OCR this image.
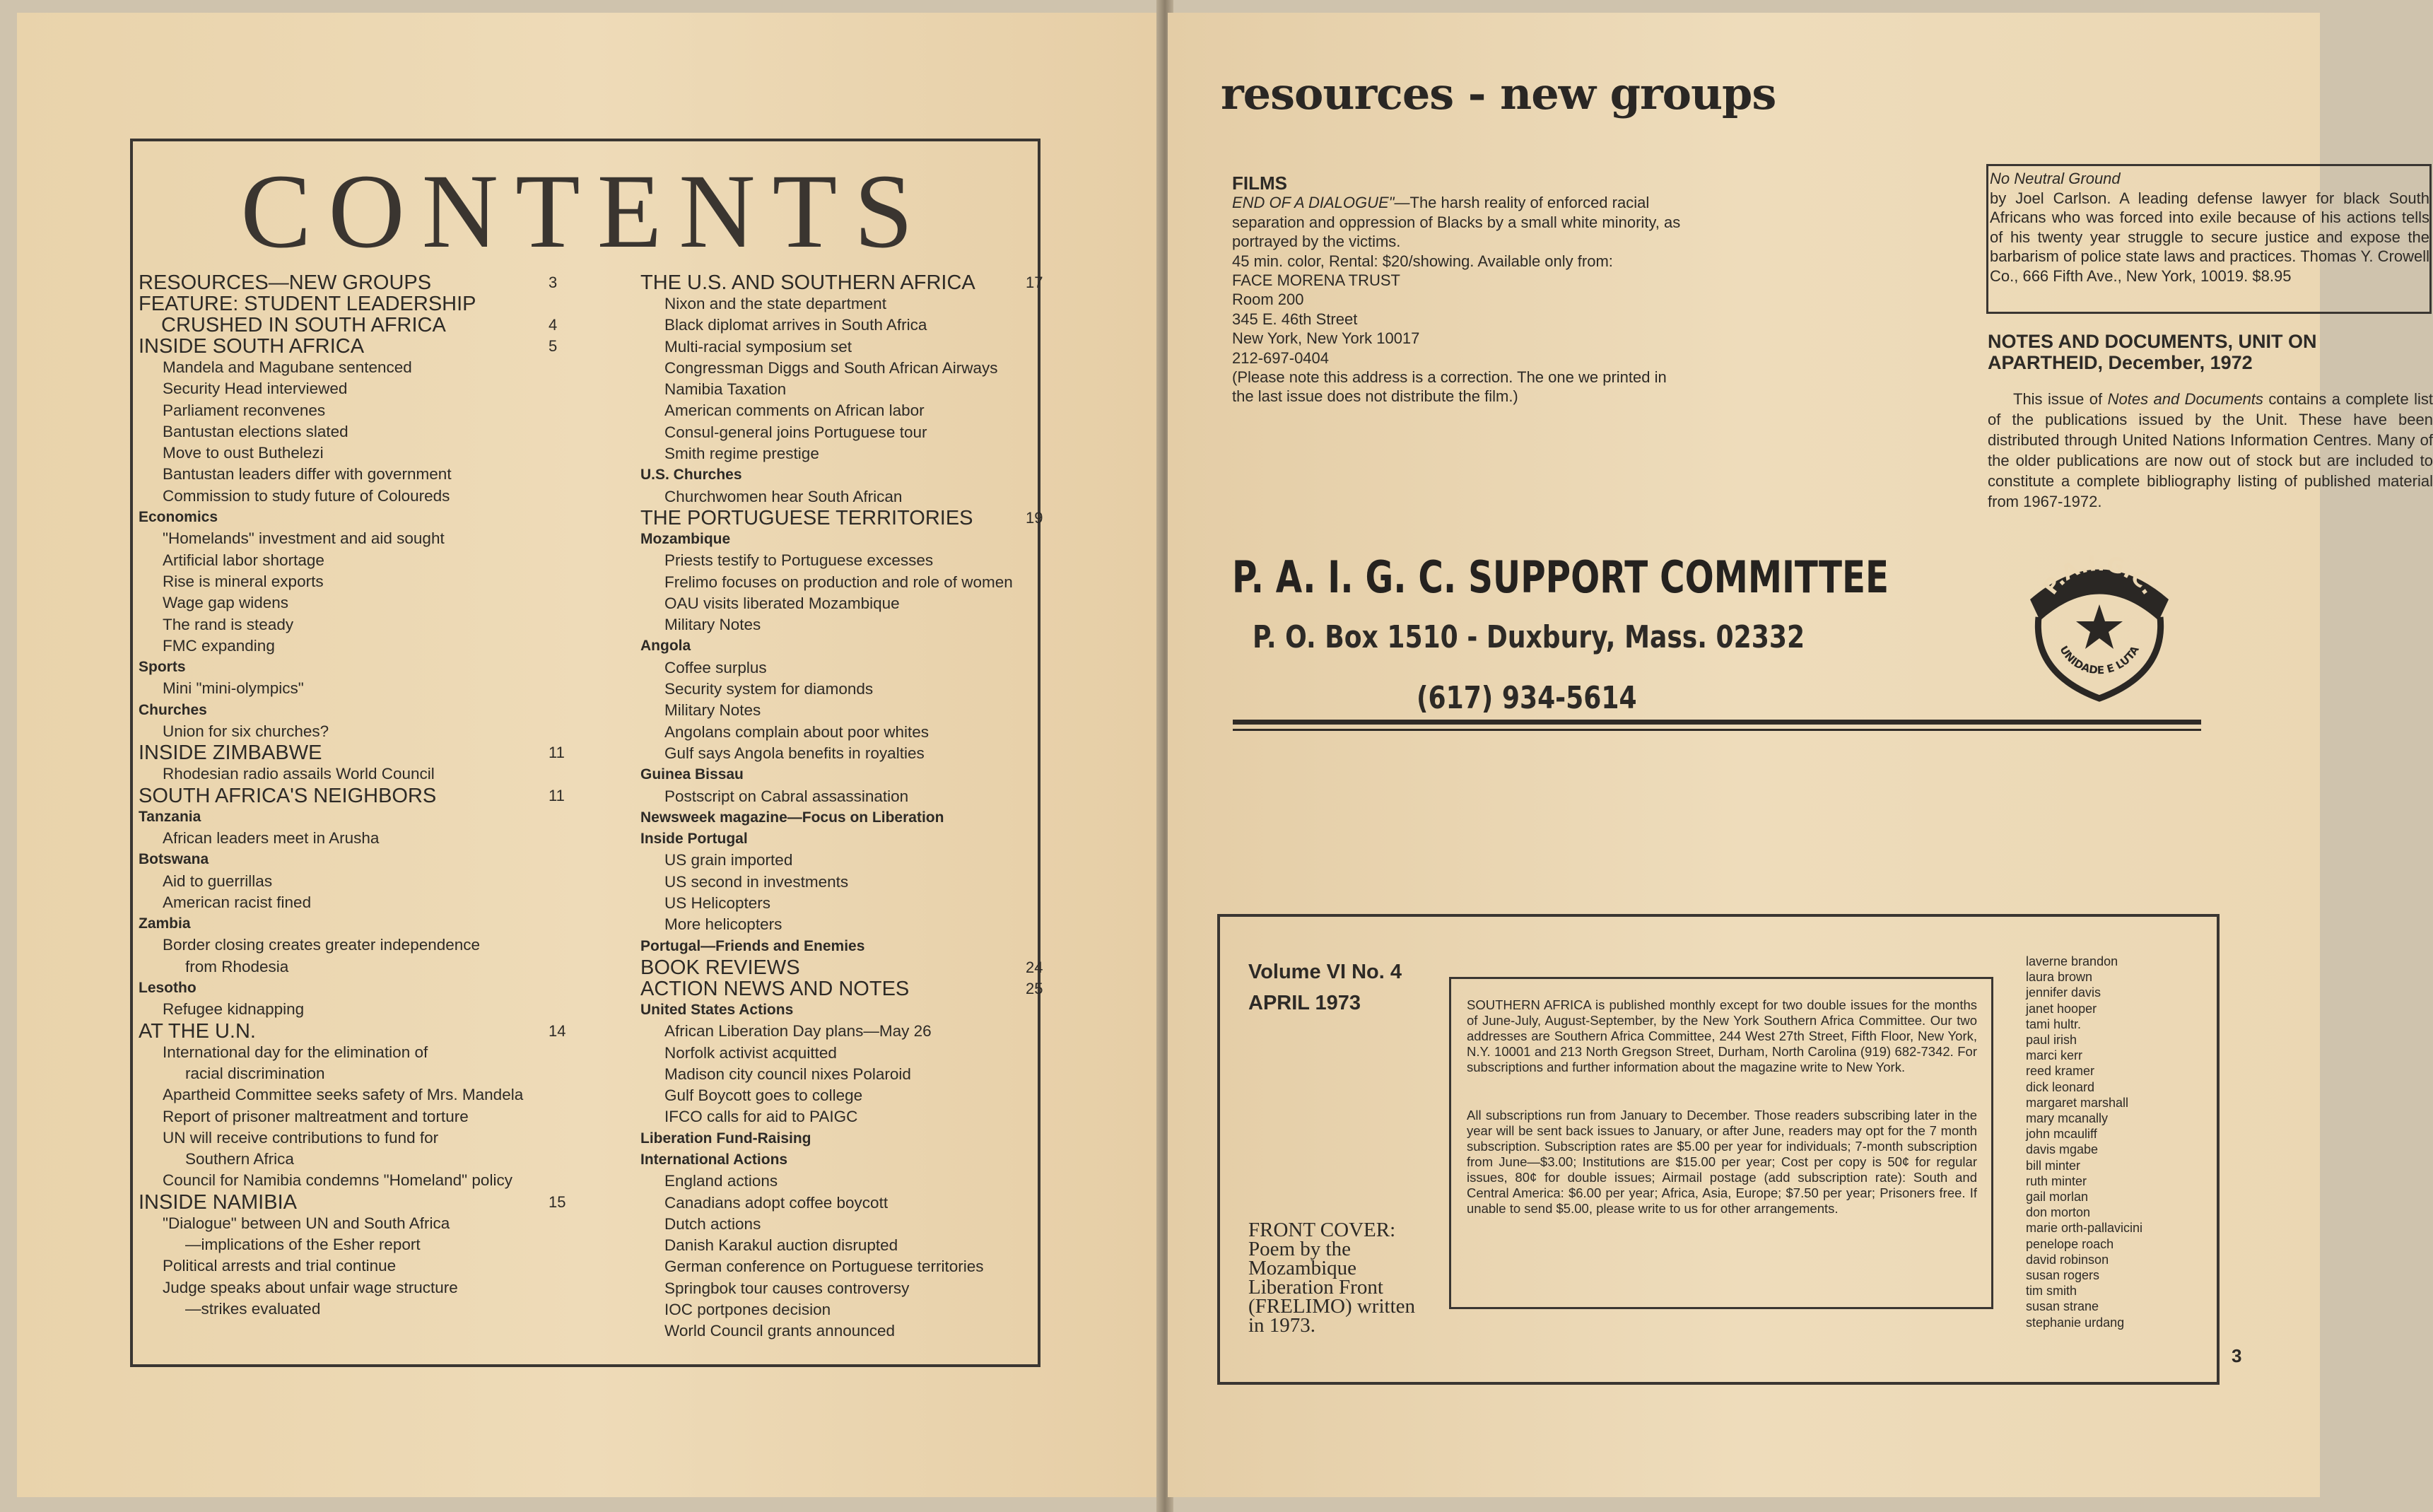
CONTENTS
RESOURCES—NEW GROUPS	3
FEATURE: STUDENT LEADERSHIP
CRUSHED IN SOUTH AFRICA	4
INSIDE SOUTH AFRICA	5
Mandela and Magubane sentenced
Security Head interviewed
Parliament reconvenes
Bantustan elections slated
Move to oust Buthelezi
Bantustan leaders differ with government
Commission to study future of Coloureds
Economics
"Homelands" investment and aid sought
Artificial labor shortage
Rise is mineral exports
Wage gap widens
The rand is steady
FMC expanding
Sports
Mini "mini-olympics"
Churches
Union for six churches?
INSIDE ZIMBABWE	11
Rhodesian radio assails World Council
SOUTH AFRICA'S NEIGHBORS	11
Tanzania
African leaders meet in Arusha
Botswana
Aid to guerrillas
American racist fined
Zambia
Border closing creates greater independence
from Rhodesia
Lesotho
Refugee kidnapping
AT THE U.N.	14
International day for the elimination of
racial discrimination
Apartheid Committee seeks safety of Mrs. Mandela
Report of prisoner maltreatment and torture
UN will receive contributions to fund for
Southern Africa
Council for Namibia condemns "Homeland" policy
INSIDE NAMIBIA	15
"Dialogue" between UN and South Africa
—implications of the Esher report
Political arrests and trial continue
Judge speaks about unfair wage structure
—strikes evaluated
THE U.S. AND SOUTHERN AFRICA	17
Nixon and the state department
Black diplomat arrives in South Africa
Multi-racial symposium set
Congressman Diggs and South African Airways
Namibia Taxation
American comments on African labor
Consul-general joins Portuguese tour
Smith regime prestige
U.S. Churches
Churchwomen hear South African
THE PORTUGUESE TERRITORIES	19
Mozambique
Priests testify to Portuguese excesses
Frelimo focuses on production and role of women
OAU visits liberated Mozambique
Military Notes
Angola
Coffee surplus
Security system for diamonds
Military Notes
Angolans complain about poor whites
Gulf says Angola benefits in royalties
Guinea Bissau
Postscript on Cabral assassination
Newsweek magazine—Focus on Liberation
Inside Portugal
US grain imported
US second in investments
US Helicopters
More helicopters
Portugal—Friends and Enemies
BOOK REVIEWS	24
ACTION NEWS AND NOTES	25
United States Actions
African Liberation Day plans—May 26
Norfolk activist acquitted
Madison city council nixes Polaroid
Gulf Boycott goes to college
IFCO calls for aid to PAIGC
Liberation Fund-Raising
International Actions
England actions
Canadians adopt coffee boycott
Dutch actions
Danish Karakul auction disrupted
German conference on Portuguese territories
Springbok tour causes controversy
IOC portpones decision
World Council grants announced
resources - new groups
FILMS
END OF A DIALOGUE"—The harsh reality of enforced racial separation and oppression of Blacks by a small white minority, as portrayed by the victims.
45 min. color, Rental: $20/showing. Available only from:
FACE MORENA TRUST
Room 200
345 E. 46th Street
New York, New York 10017
212-697-0404
(Please note this address is a correction. The one we printed in the last issue does not distribute the film.)
No Neutral Ground
by Joel Carlson. A leading defense lawyer for black South Africans who was forced into exile because of his actions tells of his twenty year struggle to secure justice and expose the barbarism of police state laws and practices. Thomas Y. Crowell Co., 666 Fifth Ave., New York, 10019. $8.95
NOTES AND DOCUMENTS, UNIT ON APARTHEID, December, 1972
This issue of Notes and Documents contains a complete list of the publications issued by the Unit. These have been distributed through United Nations Information Centres. Many of the older publications are now out of stock but are included to constitute a complete bibliography listing of published material from 1967-1972.
P. A. I. G. C. SUPPORT COMMITTEE
P. O. Box 1510 - Duxbury, Mass. 02332
(617) 934-5614
P.A.I.G.C.
UNIDADE E LUTA
Volume VI No. 4
APRIL 1973
FRONT COVER: Poem by the Mozambique Liberation Front (FRELIMO) written in 1973.

SOUTHERN AFRICA is published monthly except for two double issues for the months of June-July, August-September, by the New York Southern Africa Committee. Our two addresses are Southern Africa Committee, 244 West 27th Street, Fifth Floor, New York, N.Y. 10001 and 213 North Gregson Street, Durham, North Carolina (919) 682-7342. For subscriptions and further information about the magazine write to New York.

All subscriptions run from January to December. Those readers subscribing later in the year will be sent back issues to January, or after June, readers may opt for the 7 month subscription. Subscription rates are $5.00 per year for individuals; 7-month subscription from June—$3.00; Institutions are $15.00 per year; Cost per copy is 50¢ for regular issues, 80¢ for double issues; Airmail postage (add subscription rate): South and Central America: $6.00 per year; Africa, Asia, Europe; $7.50 per year; Prisoners free. If unable to send $5.00, please write to us for other arrangements.

laverne brandon
laura brown
jennifer davis
janet hooper
tami hultr.
paul irish
marci kerr
reed kramer
dick leonard
margaret marshall
mary mcanally
john mcauliff
davis mgabe
bill minter
ruth minter
gail morlan
don morton
marie orth-pallavicini
penelope roach
david robinson
susan rogers
tim smith
susan strane
stephanie urdang
3
